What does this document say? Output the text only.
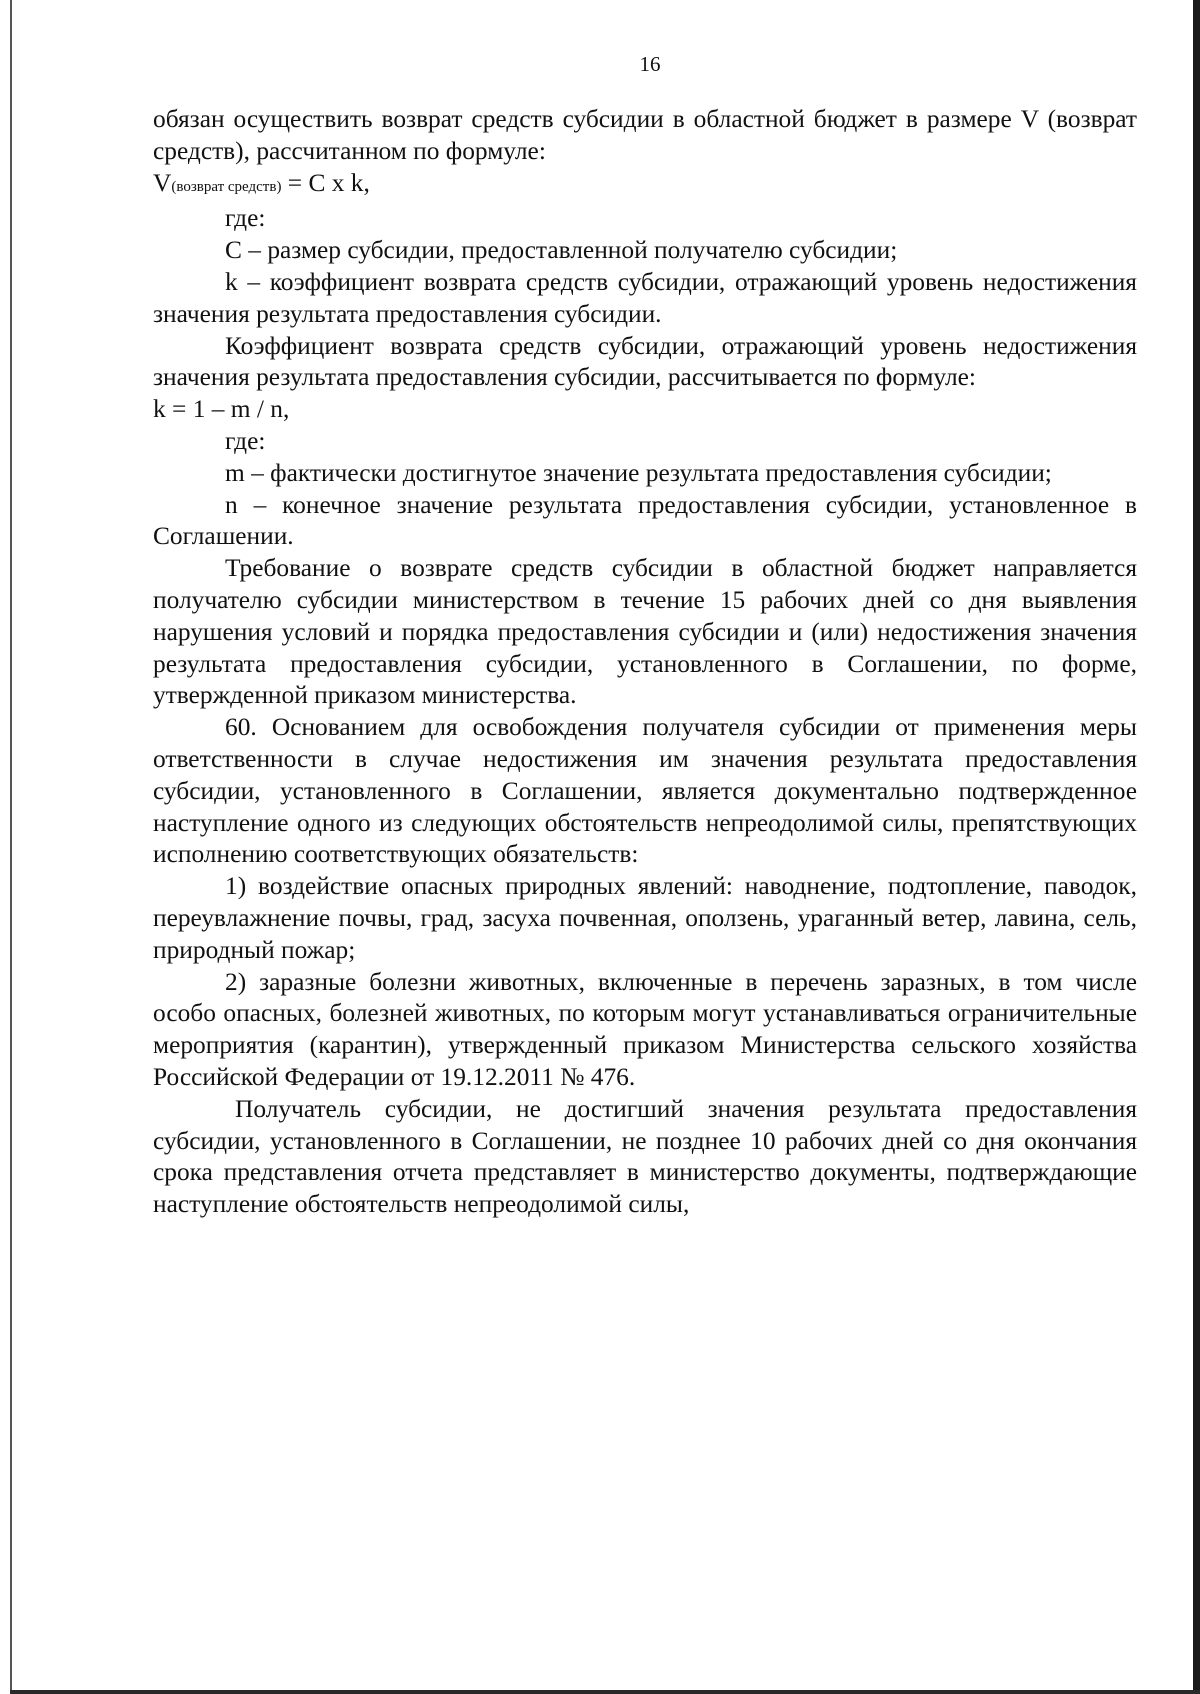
16

обязан осуществить возврат средств субсидии в областной бюджет в размере V (возврат средств), рассчитанном по формуле:

V(возврат средств) = C x k,

где:

C – размер субсидии, предоставленной получателю субсидии;

k – коэффициент возврата средств субсидии, отражающий уровень недостижения значения результата предоставления субсидии.

Коэффициент возврата средств субсидии, отражающий уровень недостижения значения результата предоставления субсидии, рассчитывается по формуле:

k = 1 – m / n,

где:

m – фактически достигнутое значение результата предоставления субсидии;

n – конечное значение результата предоставления субсидии, установленное в Соглашении.

Требование о возврате средств субсидии в областной бюджет направляется получателю субсидии министерством в течение 15 рабочих дней со дня выявления нарушения условий и порядка предоставления субсидии и (или) недостижения значения результата предоставления субсидии, установленного в Соглашении, по форме, утвержденной приказом министерства.

60. Основанием для освобождения получателя субсидии от применения меры ответственности в случае недостижения им значения результата предоставления субсидии, установленного в Соглашении, является документально подтвержденное наступление одного из следующих обстоятельств непреодолимой силы, препятствующих исполнению соответствующих обязательств:

1) воздействие опасных природных явлений: наводнение, подтопление, паводок, переувлажнение почвы, град, засуха почвенная, оползень, ураганный ветер, лавина, сель, природный пожар;

2) заразные болезни животных, включенные в перечень заразных, в том числе особо опасных, болезней животных, по которым могут устанавливаться ограничительные мероприятия (карантин), утвержденный приказом Министерства сельского хозяйства Российской Федерации от 19.12.2011 № 476.

Получатель субсидии, не достигший значения результата предоставления субсидии, установленного в Соглашении, не позднее 10 рабочих дней со дня окончания срока представления отчета представляет в министерство документы, подтверждающие наступление обстоятельств непреодолимой силы,
